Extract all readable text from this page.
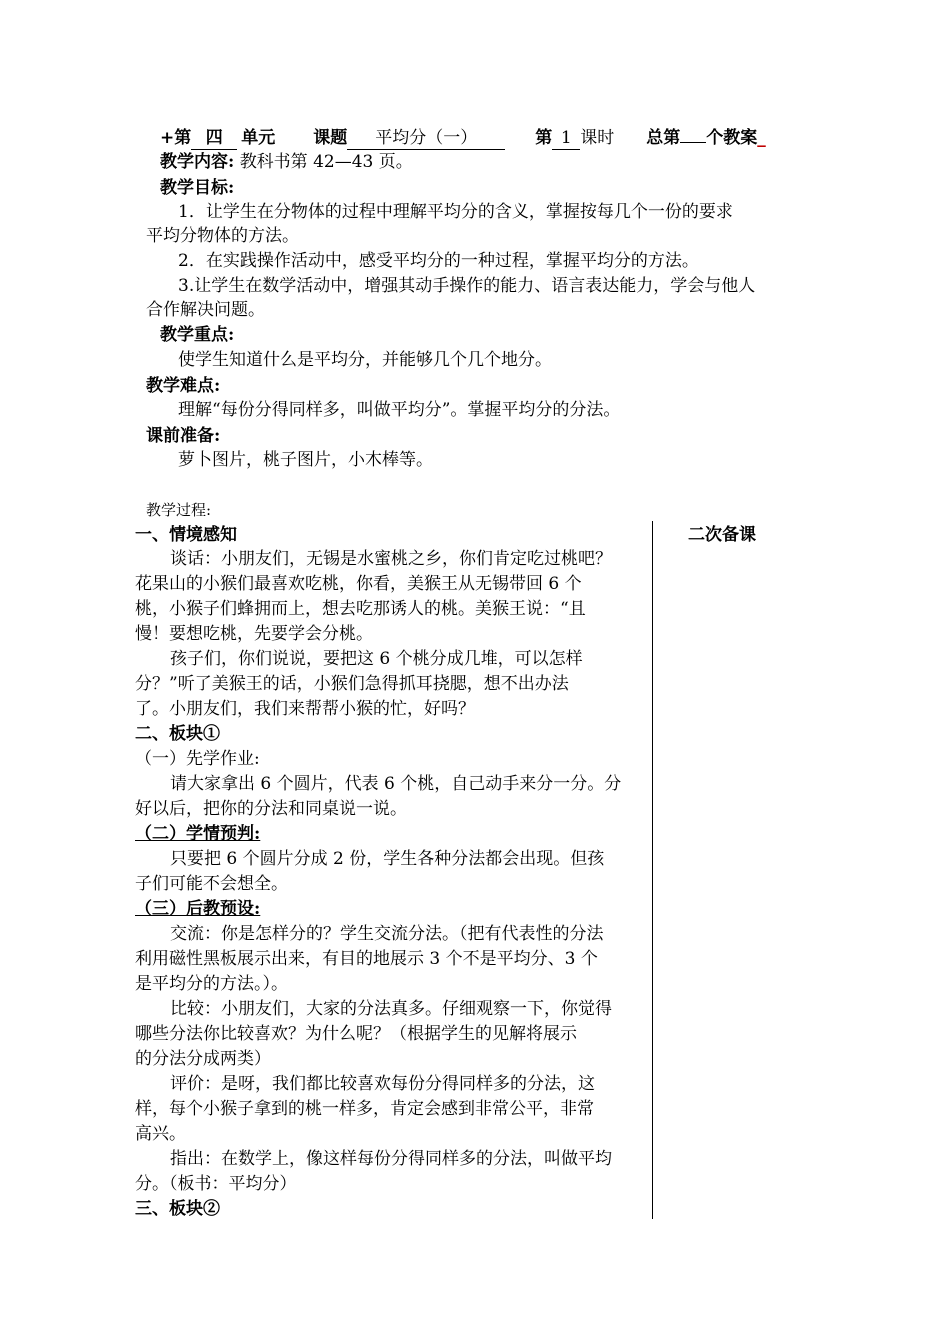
+第 四 单元 课题 平均分（一）	第 1 课时 总第 个教案_
教学内容: 教科书第 42—43 页。
教学目标:
1．让学生在分物体的过程中理解平均分的含义，掌握按每几个一份的要求
平均分物体的方法。
2．在实践操作活动中，感受平均分的一种过程，掌握平均分的方法。
3.让学生在数学活动中，增强其动手操作的能力、语言表达能力，学会与他人
合作解决问题。
教学重点:
使学生知道什么是平均分，并能够几个几个地分。
教学难点:
理解“每份分得同样多，叫做平均分”。掌握平均分的分法。
课前准备:
萝卜图片，桃子图片，小木棒等。
教学过程:
二次备课
一、情境感知
谈话：小朋友们，无锡是水蜜桃之乡，你们肯定吃过桃吧？
花果山的小猴们最喜欢吃桃，你看，美猴王从无锡带回 6 个
桃，小猴子们蜂拥而上，想去吃那诱人的桃。美猴王说：“且
慢！要想吃桃，先要学会分桃。
孩子们，你们说说，要把这 6 个桃分成几堆，可以怎样
分？”听了美猴王的话，小猴们急得抓耳挠腮，想不出办法
了。小朋友们，我们来帮帮小猴的忙，好吗？
二、板块①
（一）先学作业:
请大家拿出 6 个圆片，代表 6 个桃，自己动手来分一分。分
好以后，把你的分法和同桌说一说。
（二）学情预判:
只要把 6 个圆片分成 2 份，学生各种分法都会出现。但孩
子们可能不会想全。
（三）后教预设:
交流：你是怎样分的？学生交流分法。（把有代表性的分法
利用磁性黑板展示出来，有目的地展示 3 个不是平均分、3 个
是平均分的方法。）。
比较：小朋友们，大家的分法真多。仔细观察一下，你觉得
哪些分法你比较喜欢？为什么呢？（根据学生的见解将展示
的分法分成两类）
评价：是呀，我们都比较喜欢每份分得同样多的分法，这
样，每个小猴子拿到的桃一样多，肯定会感到非常公平，非常
高兴。
指出：在数学上，像这样每份分得同样多的分法，叫做平均
分。（板书：平均分）
三、板块②
